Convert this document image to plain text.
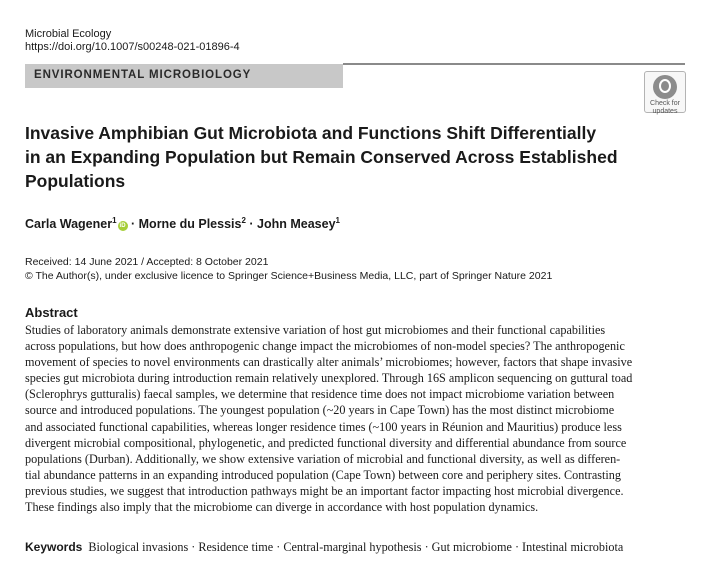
Microbial Ecology
https://doi.org/10.1007/s00248-021-01896-4
ENVIRONMENTAL MICROBIOLOGY
Check for
updates
Invasive Amphibian Gut Microbiota and Functions Shift Differentially
in an Expanding Population but Remain Conserved Across Established
Populations
Carla Wagener$^1$iD · Morne du Plessis$^2$ · John Measey$^1$
Received: 14 June 2021 / Accepted: 8 October 2021
© The Author(s), under exclusive licence to Springer Science+Business Media, LLC, part of Springer Nature 2021
Abstract
Studies of laboratory animals demonstrate extensive variation of host gut microbiomes and their functional capabilities
across populations, but how does anthropogenic change impact the microbiomes of non-model species? The anthropogenic
movement of species to novel environments can drastically alter animals’ microbiomes; however, factors that shape invasive
species gut microbiota during introduction remain relatively unexplored. Through 16S amplicon sequencing on guttural toad
(Sclerophrys gutturalis) faecal samples, we determine that residence time does not impact microbiome variation between
source and introduced populations. The youngest population (~20 years in Cape Town) has the most distinct microbiome
and associated functional capabilities, whereas longer residence times (~100 years in Réunion and Mauritius) produce less
divergent microbial compositional, phylogenetic, and predicted functional diversity and differential abundance from source
populations (Durban). Additionally, we show extensive variation of microbial and functional diversity, as well as differen-
tial abundance patterns in an expanding introduced population (Cape Town) between core and periphery sites. Contrasting
previous studies, we suggest that introduction pathways might be an important factor impacting host microbial divergence.
These findings also imply that the microbiome can diverge in accordance with host population dynamics.
Keywords Biological invasions · Residence time · Central-marginal hypothesis · Gut microbiome · Intestinal microbiota
